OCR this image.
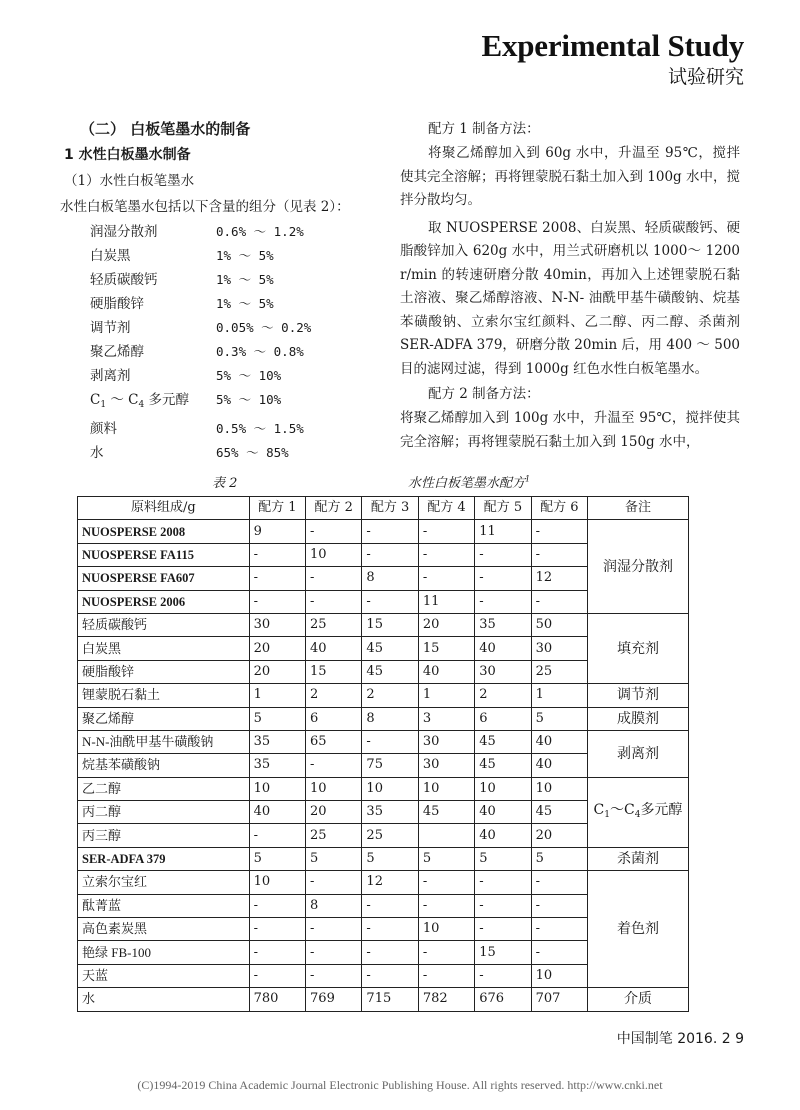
Experimental Study
试验研究
（二） 白板笔墨水的制备
1 水性白板墨水制备
（1）水性白板笔墨水
水性白板笔墨水包括以下含量的组分（见表 2）：
润湿分散剂	0.6% ～ 1.2%
白炭黑	1% ～ 5%
轻质碳酸钙	1% ～ 5%
硬脂酸锌	1% ～ 5%
调节剂	0.05% ～ 0.2%
聚乙烯醇	0.3% ～ 0.8%
剥离剂	5% ～ 10%
$C_1$ ～ $C_4$ 多元醇	5% ～ 10%
颜料	0.5% ～ 1.5%
水	65% ～ 85%
配方 1 制备方法：

将聚乙烯醇加入到 60g 水中，升温至 95℃，搅拌使其完全溶解；再将锂蒙脱石黏土加入到 100g 水中，搅拌分散均匀。

取 NUOSPERSE 2008、白炭黑、轻质碳酸钙、硬脂酸锌加入 620g 水中，用兰式研磨机以 1000～ 1200 r/min 的转速研磨分散 40min，再加入上述锂蒙脱石黏土溶液、聚乙烯醇溶液、N-N- 油酰甲基牛磺酸钠、烷基苯磺酸钠、立索尔宝红颜料、乙二醇、丙二醇、杀菌剂 SER-ADFA 379，研磨分散 20min 后，用 400 ～ 500 目的滤网过滤，得到 1000g 红色水性白板笔墨水。

配方 2 制备方法：

将聚乙烯醇加入到 100g 水中，升温至 95℃，搅拌使其完全溶解；再将锂蒙脱石黏土加入到 150g 水中，

表 2	水性白板笔墨水配方$^1$
原料组成/g	配方 1	配方 2	配方 3	配方 4	配方 5	配方 6	备注
NUOSPERSE 2008	9	-	-	-	11	-	润湿分散剂
NUOSPERSE FA115	-	10	-	-	-	-	
NUOSPERSE FA607	-	-	8	-	-	12	
NUOSPERSE 2006	-	-	-	11	-	-	
轻质碳酸钙	30	25	15	20	35	50	填充剂
白炭黑	20	40	45	15	40	30	
硬脂酸锌	20	15	45	40	30	25	
锂蒙脱石黏土	1	2	2	1	2	1	调节剂
聚乙烯醇	5	6	8	3	6	5	成膜剂
N-N-油酰甲基牛磺酸钠	35	65	-	30	45	40	剥离剂
烷基苯磺酸钠	35	-	75	30	45	40	
乙二醇	10	10	10	10	10	10	$C_1\sim C_4$多元醇
丙二醇	40	20	35	45	40	45	
丙三醇	-	25	25		40	20	
SER-ADFA 379	5	5	5	5	5	5	杀菌剂
立索尔宝红	10	-	12	-	-	-	着色剂
酞菁蓝	-	8	-	-	-	-	
高色素炭黑	-	-	-	10	-	-	
艳绿 FB-100	-	-	-	-	15	-	
天蓝	-	-	-	-	-	10	
水	780	769	715	782	676	707	介质
中国制笔 2016. 2 9
(C)1994-2019 China Academic Journal Electronic Publishing House. All rights reserved. http://www.cnki.net
